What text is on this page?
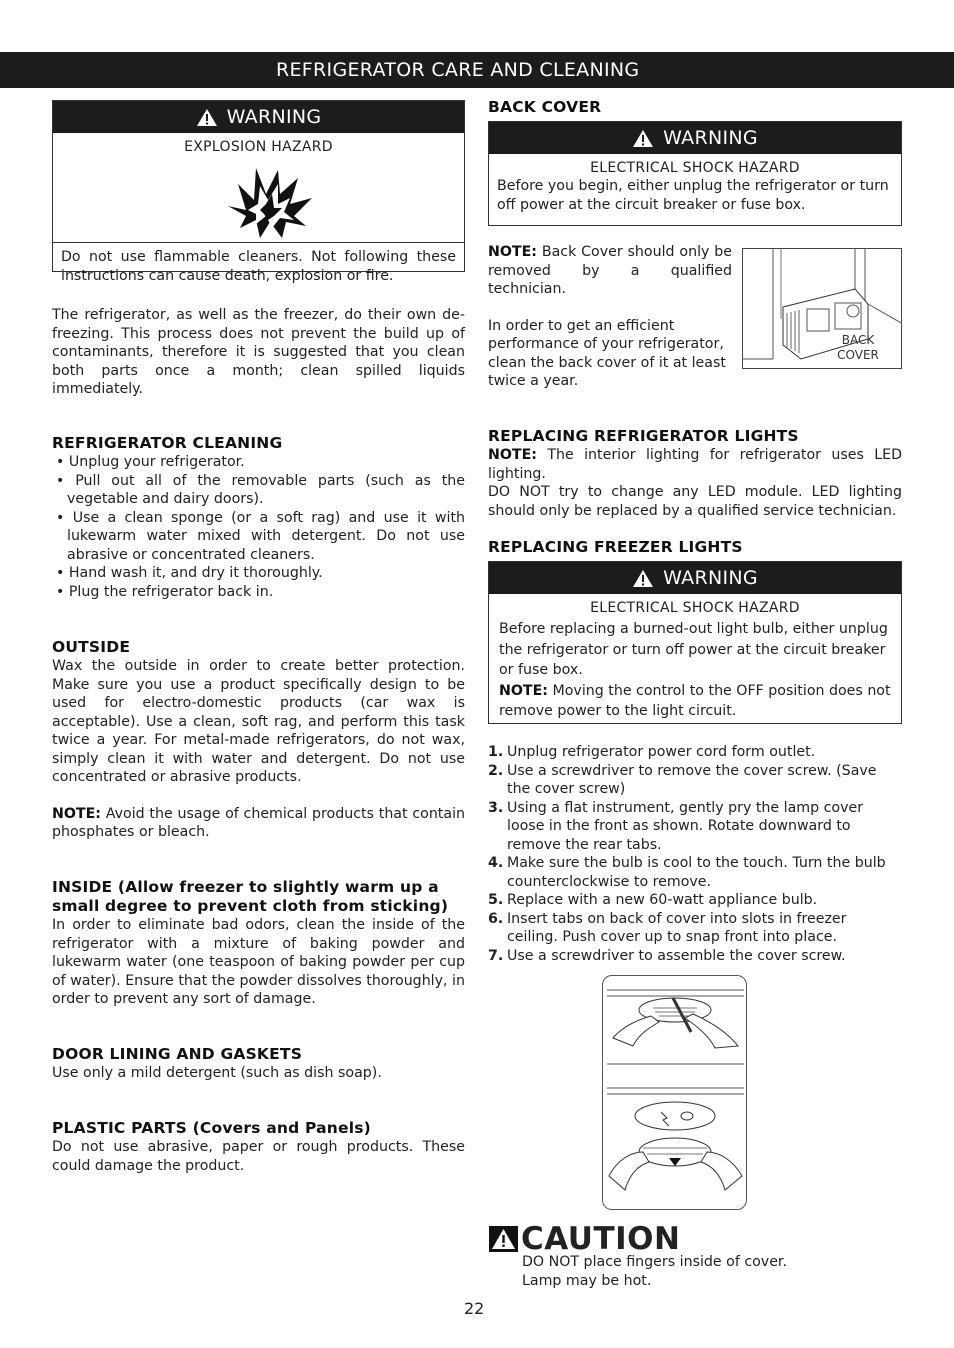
REFRIGERATOR CARE AND CLEANING
WARNING
EXPLOSION HAZARD
Do not use flammable cleaners. Not following these instructions can cause death, explosion or fire.
The refrigerator, as well as the freezer, do their own de-freezing. This process does not prevent the build up of contaminants, therefore it is suggested that you clean both parts once a month; clean spilled liquids immediately.
REFRIGERATOR CLEANING
• Unplug your refrigerator.
• Pull out all of the removable parts (such as the vegetable and dairy doors).
• Use a clean sponge (or a soft rag) and use it with lukewarm water mixed with detergent. Do not use abrasive or concentrated cleaners.
• Hand wash it, and dry it thoroughly.
• Plug the refrigerator back in.
OUTSIDE

Wax the outside in order to create better protection. Make sure you use a product specifically design to be used for electro-domestic products (car wax is acceptable). Use a clean, soft rag, and perform this task twice a year. For metal-made refrigerators, do not wax, simply clean it with water and detergent. Do not use concentrated or abrasive products.

NOTE: Avoid the usage of chemical products that contain phosphates or bleach.

INSIDE (Allow freezer to slightly warm up a small degree to prevent cloth from sticking)

In order to eliminate bad odors, clean the inside of the refrigerator with a mixture of baking powder and lukewarm water (one teaspoon of baking powder per cup of water). Ensure that the powder dissolves thoroughly, in order to prevent any sort of damage.

DOOR LINING AND GASKETS

Use only a mild detergent (such as dish soap).

PLASTIC PARTS (Covers and Panels)

Do not use abrasive, paper or rough products. These could damage the product.

BACK COVER
WARNING
ELECTRICAL SHOCK HAZARD
Before you begin, either unplug the refrigerator or turn off power at the circuit breaker or fuse box.

NOTE: Back Cover should only be removed by a qualified technician.

In order to get an efficient performance of your refrigerator, clean the back cover of it at least twice a year.

BACK
COVER
REPLACING REFRIGERATOR LIGHTS

NOTE: The interior lighting for refrigerator uses LED lighting.

DO NOT try to change any LED module. LED lighting should only be replaced by a qualified service technician.

REPLACING FREEZER LIGHTS
WARNING
ELECTRICAL SHOCK HAZARD
Before replacing a burned-out light bulb, either unplug the refrigerator or turn off power at the circuit breaker or fuse box.
NOTE: Moving the control to the OFF position does not remove power to the light circuit.
1. Unplug refrigerator power cord form outlet.
2. Use a screwdriver to remove the cover screw. (Save the cover screw)
3. Using a flat instrument, gently pry the lamp cover loose in the front as shown. Rotate downward to remove the rear tabs.
4. Make sure the bulb is cool to the touch. Turn the bulb counterclockwise to remove.
5. Replace with a new 60-watt appliance bulb.
6. Insert tabs on back of cover into slots in freezer ceiling. Push cover up to snap front into place.
7. Use a screwdriver to assemble the cover screw.
CAUTION
DO NOT place fingers inside of cover.
Lamp may be hot.
22
